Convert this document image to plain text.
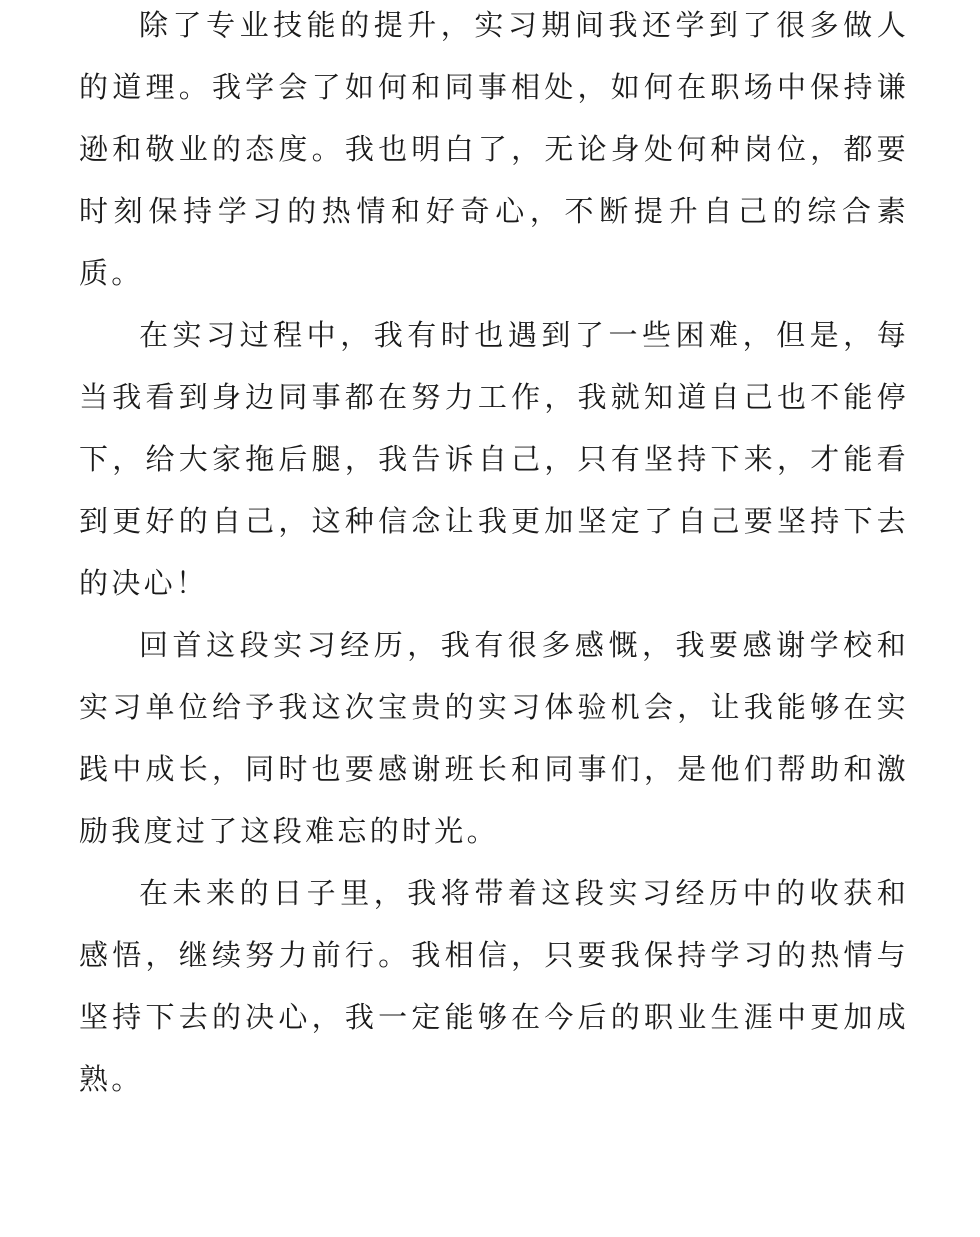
除了专业技能的提升，实习期间我还学到了很多做人的道理。我学会了如何和同事相处，如何在职场中保持谦逊和敬业的态度。我也明白了，无论身处何种岗位，都要时刻保持学习的热情和好奇心，不断提升自己的综合素质。

在实习过程中，我有时也遇到了一些困难，但是，每当我看到身边同事都在努力工作，我就知道自己也不能停下，给大家拖后腿，我告诉自己，只有坚持下来，才能看到更好的自己，这种信念让我更加坚定了自己要坚持下去的决心！

回首这段实习经历，我有很多感慨，我要感谢学校和实习单位给予我这次宝贵的实习体验机会，让我能够在实践中成长，同时也要感谢班长和同事们，是他们帮助和激励我度过了这段难忘的时光。

在未来的日子里，我将带着这段实习经历中的收获和感悟，继续努力前行。我相信，只要我保持学习的热情与坚持下去的决心，我一定能够在今后的职业生涯中更加成熟。
